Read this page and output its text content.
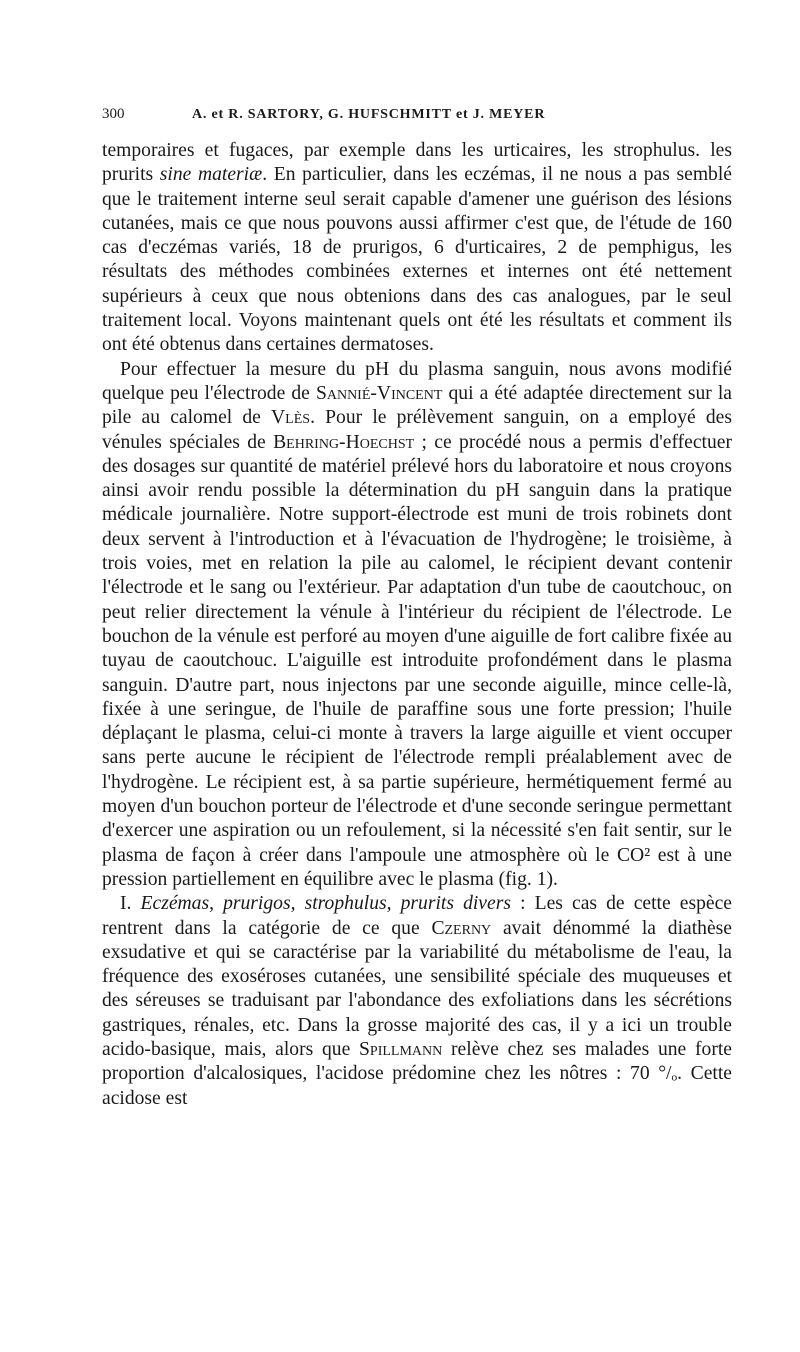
300	A. et R. SARTORY, G. HUFSCHMITT et J. MEYER

temporaires et fugaces, par exemple dans les urticaires, les strophulus. les prurits sine materiæ. En particulier, dans les eczémas, il ne nous a pas semblé que le traitement interne seul serait capable d'amener une guérison des lésions cutanées, mais ce que nous pouvons aussi affirmer c'est que, de l'étude de 160 cas d'eczémas variés, 18 de prurigos, 6 d'urticaires, 2 de pemphigus, les résultats des méthodes combinées externes et internes ont été nettement supérieurs à ceux que nous obtenions dans des cas analogues, par le seul traitement local. Voyons maintenant quels ont été les résultats et comment ils ont été obtenus dans certaines dermatoses.

Pour effectuer la mesure du pH du plasma sanguin, nous avons modifié quelque peu l'électrode de Sannié-Vincent qui a été adaptée directement sur la pile au calomel de Vlès. Pour le prélèvement sanguin, on a employé des vénules spéciales de Behring-Hoechst ; ce procédé nous a permis d'effectuer des dosages sur quantité de matériel prélevé hors du laboratoire et nous croyons ainsi avoir rendu possible la détermination du pH sanguin dans la pratique médicale journalière. Notre support-électrode est muni de trois robinets dont deux servent à l'introduction et à l'évacuation de l'hydrogène; le troisième, à trois voies, met en relation la pile au calomel, le récipient devant contenir l'électrode et le sang ou l'extérieur. Par adaptation d'un tube de caoutchouc, on peut relier directement la vénule à l'intérieur du récipient de l'électrode. Le bouchon de la vénule est perforé au moyen d'une aiguille de fort calibre fixée au tuyau de caoutchouc. L'aiguille est introduite profondément dans le plasma sanguin. D'autre part, nous injectons par une seconde aiguille, mince celle-là, fixée à une seringue, de l'huile de paraffine sous une forte pression; l'huile déplaçant le plasma, celui-ci monte à travers la large aiguille et vient occuper sans perte aucune le récipient de l'électrode rempli préalablement avec de l'hydrogène. Le récipient est, à sa partie supérieure, hermétiquement fermé au moyen d'un bouchon porteur de l'électrode et d'une seconde seringue permettant d'exercer une aspiration ou un refoulement, si la nécessité s'en fait sentir, sur le plasma de façon à créer dans l'ampoule une atmosphère où le CO² est à une pression partiellement en équilibre avec le plasma (fig. 1).

I. Eczémas, prurigos, strophulus, prurits divers : Les cas de cette espèce rentrent dans la catégorie de ce que Czerny avait dénommé la diathèse exsudative et qui se caractérise par la variabilité du métabolisme de l'eau, la fréquence des exoséroses cutanées, une sensibilité spéciale des muqueuses et des séreuses se traduisant par l'abondance des exfoliations dans les sécrétions gastriques, rénales, etc. Dans la grosse majorité des cas, il y a ici un trouble acido-basique, mais, alors que Spillmann relève chez ses malades une forte proportion d'alcalosiques, l'acidose prédomine chez les nôtres : 70 °/ₒ. Cette acidose est
